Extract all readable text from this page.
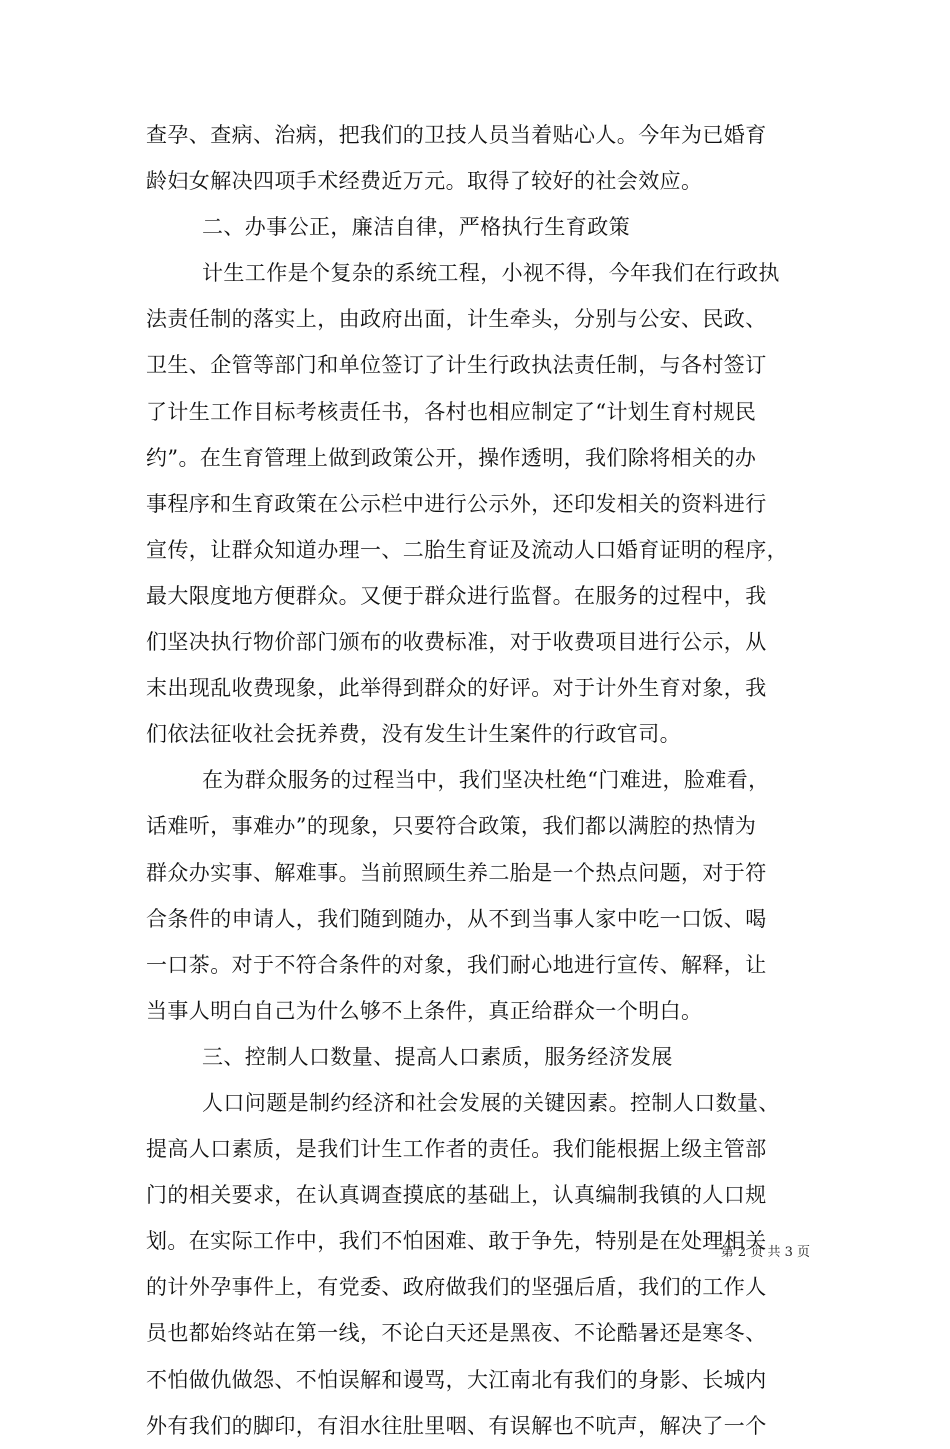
查孕、查病、治病，把我们的卫技人员当着贴心人。今年为已婚育
龄妇女解决四项手术经费近万元。取得了较好的社会效应。
二、办事公正，廉洁自律，严格执行生育政策
计生工作是个复杂的系统工程，小视不得，今年我们在行政执
法责任制的落实上，由政府出面，计生牵头，分别与公安、民政、
卫生、企管等部门和单位签订了计生行政执法责任制，与各村签订
了计生工作目标考核责任书，各村也相应制定了“计划生育村规民
约”。在生育管理上做到政策公开，操作透明，我们除将相关的办
事程序和生育政策在公示栏中进行公示外，还印发相关的资料进行
宣传，让群众知道办理一、二胎生育证及流动人口婚育证明的程序，
最大限度地方便群众。又便于群众进行监督。在服务的过程中，我
们坚决执行物价部门颁布的收费标准，对于收费项目进行公示，从
末出现乱收费现象，此举得到群众的好评。对于计外生育对象，我
们依法征收社会抚养费，没有发生计生案件的行政官司。
在为群众服务的过程当中，我们坚决杜绝“门难进，脸难看，
话难听，事难办”的现象，只要符合政策，我们都以满腔的热情为
群众办实事、解难事。当前照顾生养二胎是一个热点问题，对于符
合条件的申请人，我们随到随办，从不到当事人家中吃一口饭、喝
一口茶。对于不符合条件的对象，我们耐心地进行宣传、解释，让
当事人明白自己为什么够不上条件，真正给群众一个明白。
三、控制人口数量、提高人口素质，服务经济发展
人口问题是制约经济和社会发展的关键因素。控制人口数量、
提高人口素质，是我们计生工作者的责任。我们能根据上级主管部
门的相关要求，在认真调查摸底的基础上，认真编制我镇的人口规
划。在实际工作中，我们不怕困难、敢于争先，特别是在处理相关
的计外孕事件上，有党委、政府做我们的坚强后盾，我们的工作人
员也都始终站在第一线，不论白天还是黑夜、不论酷暑还是寒冬、
不怕做仇做怨、不怕误解和谩骂，大江南北有我们的身影、长城内
外有我们的脚印，有泪水往肚里咽、有误解也不吭声，解决了一个
第 2 页 共 3 页
